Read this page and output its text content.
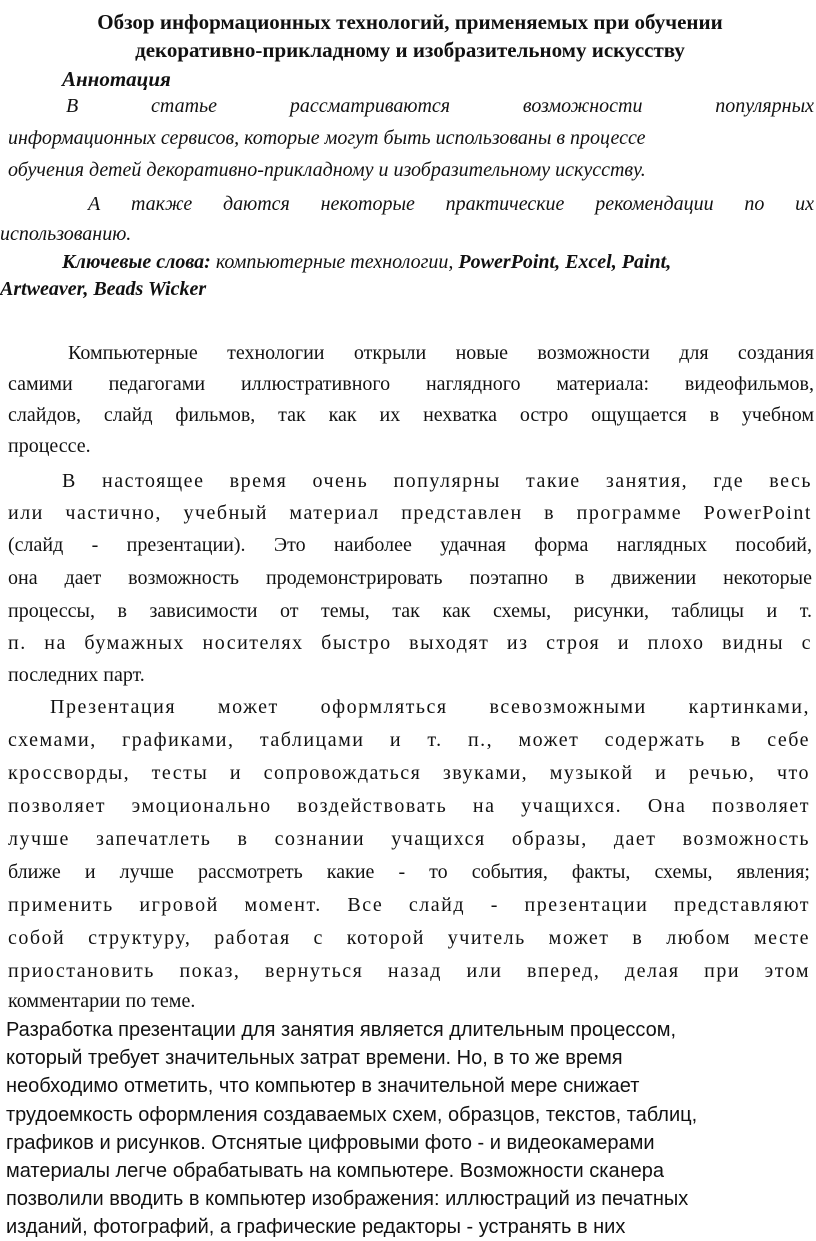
Обзор информационных технологий, применяемых при обучении
декоративно-прикладному и изобразительному искусству
Аннотация
В статье рассматриваются возможности популярных
информационных сервисов, которые могут быть использованы в процессе
обучения детей декоративно-прикладному и изобразительному искусству.
А также даются некоторые практические рекомендации по их
использованию.
Ключевые слова: компьютерные технологии, PowerPoint, Excel, Paint,
Artweaver, Beads Wicker
Компьютерные технологии открыли новые возможности для создания
самими педагогами иллюстративного наглядного материала: видеофильмов,
слайдов, слайд фильмов, так как их нехватка остро ощущается в учебном
процессе.
В настоящее время очень популярны такие занятия, где весь
или частично, учебный материал представлен в программе PowerPoint
(слайд - презентации). Это наиболее удачная форма наглядных пособий,
она дает возможность продемонстрировать поэтапно в движении некоторые
процессы, в зависимости от темы, так как схемы, рисунки, таблицы и т.
п. на бумажных носителях быстро выходят из строя и плохо видны с
последних парт.
Презентация может оформляться всевозможными картинками,
схемами, графиками, таблицами и т. п., может содержать в себе
кроссворды, тесты и сопровождаться звуками, музыкой и речью, что
позволяет эмоционально воздействовать на учащихся. Она позволяет
лучше запечатлеть в сознании учащихся образы, дает возможность
ближе и лучше рассмотреть какие - то события, факты, схемы, явления;
применить игровой момент. Все слайд - презентации представляют
собой структуру, работая с которой учитель может в любом месте
приостановить показ, вернуться назад или вперед, делая при этом
комментарии по теме.
Разработка презентации для занятия является длительным процессом,
который требует значительных затрат времени. Но, в то же время
необходимо отметить, что компьютер в значительной мере снижает
трудоемкость оформления создаваемых схем, образцов, текстов, таблиц,
графиков и рисунков. Отснятые цифровыми фото - и видеокамерами
материалы легче обрабатывать на компьютере. Возможности сканера
позволили вводить в компьютер изображения: иллюстраций из печатных
изданий, фотографий, а графические редакторы - устранять в них
